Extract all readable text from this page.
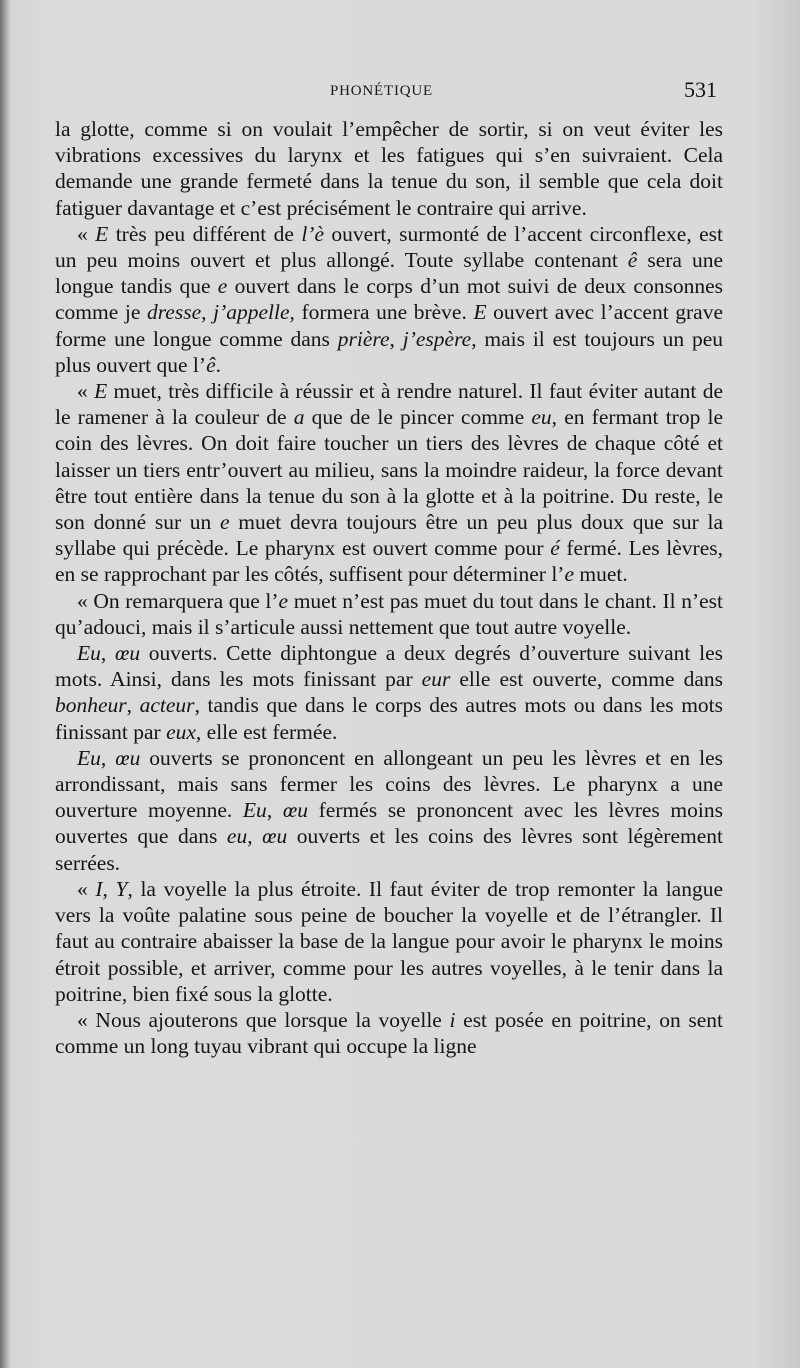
PHONÉTIQUE	531

la glotte, comme si on voulait l’empêcher de sortir, si on veut éviter les vibrations excessives du larynx et les fatigues qui s’en suivraient. Cela demande une grande fermeté dans la tenue du son, il semble que cela doit fatiguer davantage et c’est précisément le contraire qui arrive.

« E très peu différent de l’è ouvert, surmonté de l’accent circonflexe, est un peu moins ouvert et plus allongé. Toute syllabe contenant ê sera une longue tandis que e ouvert dans le corps d’un mot suivi de deux consonnes comme je dresse, j’appelle, formera une brève. E ouvert avec l’accent grave forme une longue comme dans prière, j’espère, mais il est toujours un peu plus ouvert que l’ê.

« E muet, très difficile à réussir et à rendre naturel. Il faut éviter autant de le ramener à la couleur de a que de le pincer comme eu, en fermant trop le coin des lèvres. On doit faire toucher un tiers des lèvres de chaque côté et laisser un tiers entr’ouvert au milieu, sans la moindre raideur, la force devant être tout entière dans la tenue du son à la glotte et à la poitrine. Du reste, le son donné sur un e muet devra toujours être un peu plus doux que sur la syllabe qui précède. Le pharynx est ouvert comme pour é fermé. Les lèvres, en se rapprochant par les côtés, suffisent pour déterminer l’e muet.

« On remarquera que l’e muet n’est pas muet du tout dans le chant. Il n’est qu’adouci, mais il s’articule aussi nettement que tout autre voyelle.

Eu, œu ouverts. Cette diphtongue a deux degrés d’ouverture suivant les mots. Ainsi, dans les mots finissant par eur elle est ouverte, comme dans bonheur, acteur, tandis que dans le corps des autres mots ou dans les mots finissant par eux, elle est fermée.

Eu, œu ouverts se prononcent en allongeant un peu les lèvres et en les arrondissant, mais sans fermer les coins des lèvres. Le pharynx a une ouverture moyenne. Eu, œu fermés se prononcent avec les lèvres moins ouvertes que dans eu, œu ouverts et les coins des lèvres sont légèrement serrées.

« I, Y, la voyelle la plus étroite. Il faut éviter de trop remonter la langue vers la voûte palatine sous peine de boucher la voyelle et de l’étrangler. Il faut au contraire abaisser la base de la langue pour avoir le pharynx le moins étroit possible, et arriver, comme pour les autres voyelles, à le tenir dans la poitrine, bien fixé sous la glotte.

« Nous ajouterons que lorsque la voyelle i est posée en poitrine, on sent comme un long tuyau vibrant qui occupe la ligne
